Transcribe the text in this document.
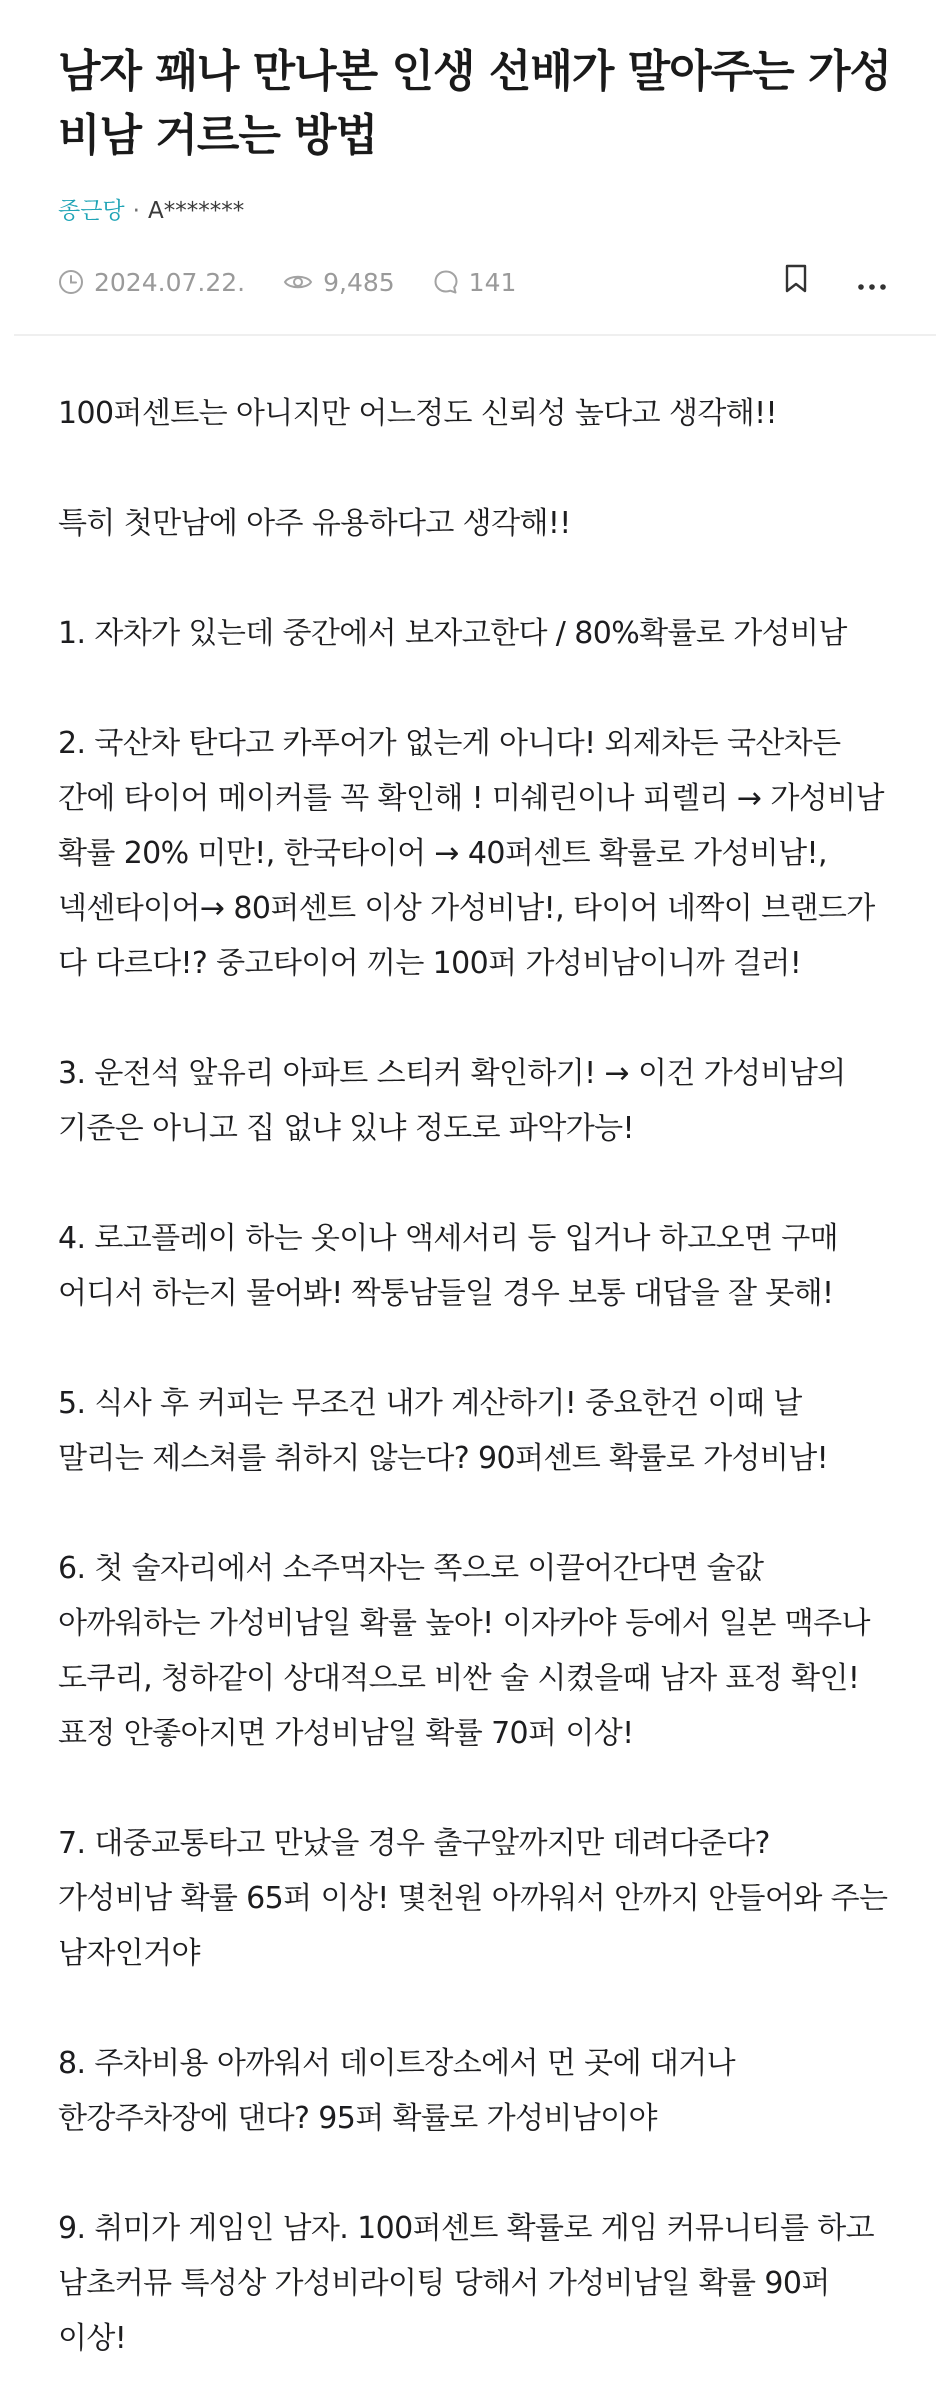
남자 꽤나 만나본 인생 선배가 말아주는 가성비남 거르는 방법
종근당 · A*******
2024.07.22.	9,485	141

100퍼센트는 아니지만 어느정도 신뢰성 높다고 생각해!!

특히 첫만남에 아주 유용하다고 생각해!!

1. 자차가 있는데 중간에서 보자고한다 / 80%확률로 가성비남

2. 국산차 탄다고 카푸어가 없는게 아니다! 외제차든 국산차든 간에 타이어 메이커를 꼭 확인해 ! 미쉐린이나 피렐리 → 가성비남 확률 20% 미만!, 한국타이어 → 40퍼센트 확률로 가성비남!, 넥센타이어→ 80퍼센트 이상 가성비남!, 타이어 네짝이 브랜드가 다 다르다!? 중고타이어 끼는 100퍼 가성비남이니까 걸러!

3. 운전석 앞유리 아파트 스티커 확인하기! → 이건 가성비남의 기준은 아니고 집 없냐 있냐 정도로 파악가능!

4. 로고플레이 하는 옷이나 액세서리 등 입거나 하고오면 구매 어디서 하는지 물어봐! 짝퉁남들일 경우 보통 대답을 잘 못해!

5. 식사 후 커피는 무조건 내가 계산하기! 중요한건 이때 날 말리는 제스쳐를 취하지 않는다? 90퍼센트 확률로 가성비남!

6. 첫 술자리에서 소주먹자는 쪽으로 이끌어간다면 술값 아까워하는 가성비남일 확률 높아! 이자카야 등에서 일본 맥주나 도쿠리, 청하같이 상대적으로 비싼 술 시켰을때 남자 표정 확인!
표정 안좋아지면 가성비남일 확률 70퍼 이상!

7. 대중교통타고 만났을 경우 출구앞까지만 데려다준다? 가성비남 확률 65퍼 이상! 몇천원 아까워서 안까지 안들어와 주는 남자인거야

8. 주차비용 아까워서 데이트장소에서 먼 곳에 대거나 한강주차장에 댄다? 95퍼 확률로 가성비남이야

9. 취미가 게임인 남자. 100퍼센트 확률로 게임 커뮤니티를 하고 남초커뮤 특성상 가성비라이팅 당해서 가성비남일 확률 90퍼 이상!
